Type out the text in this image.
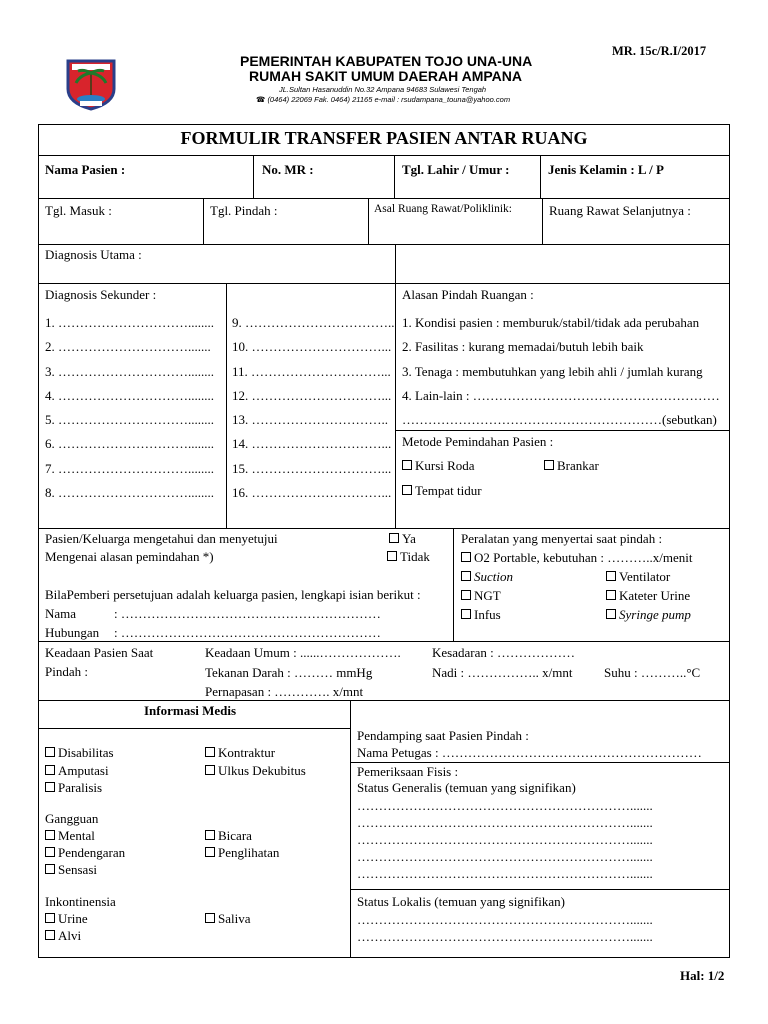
MR. 15c/R.I/2017
PEMERINTAH KABUPATEN TOJO UNA-UNA
RUMAH SAKIT UMUM DAERAH AMPANA
JL.Sultan Hasanuddin No.32 Ampana 94683 Sulawesi Tengah
☎ (0464) 22069 Fak. 0464) 21165 e-mail : rsudampana_touna@yahoo.com
FORMULIR TRANSFER PASIEN ANTAR RUANG
Nama Pasien :	No. MR :	Tgl. Lahir / Umur :	Jenis Kelamin : L / P
Tgl. Masuk :	Tgl. Pindah :	Asal Ruang Rawat/Poliklinik:	Ruang Rawat Selanjutnya :
Diagnosis Utama :
Diagnosis Sekunder :
1. …………………………........
2. ………………………….......
3. …………………………........
4. …………………………........
5. …………………………........
6. …………………………........
7. …………………………........
8. …………………………........
9. ……………………………..
10. …………………………...
11. …………………………...
12. …………………………...
13. …………………………..
14. …………………………...
15. …………………………...
16. …………………………...
Alasan Pindah Ruangan :
1. Kondisi pasien : memburuk/stabil/tidak ada perubahan
2. Fasilitas : kurang memadai/butuh lebih baik
3. Tenaga : membutuhkan yang lebih ahli / jumlah kurang
4. Lain-lain : …………………………………………………
……………………………………………………(sebutkan)
Metode Pemindahan Pasien :
Kursi Roda	Brankar
Tempat tidur
Pasien/Keluarga mengetahui dan menyetujui
Mengenai alasan pemindahan *)
Ya
Tidak
BilaPemberi persetujuan adalah keluarga pasien, lengkapi isian berikut :
Nama	: ……………………………………………………
Hubungan : ……………………………………………………
Peralatan yang menyertai saat pindah :
O2 Portable, kebutuhan : ………..x/menit
Suction	Ventilator
NGT	Kateter Urine
Infus	Syringe pump
Keadaan Pasien Saat
Pindah :
Keadaan Umum : ......………………. Kesadaran : ………………
Tekanan Darah : ……… mmHg	Nadi : …………….. x/mnt Suhu : ………..°C
Pernapasan : …………. x/mnt
Informasi Medis
Disabilitas	Kontraktur
Amputasi	Ulkus Dekubitus
Paralisis
Gangguan
Mental	Bicara
Pendengaran	Penglihatan
Sensasi
Inkontinensia
Urine	Saliva
Alvi
Pendamping saat Pasien Pindah :
Nama Petugas : ……………………………………………………
Pemeriksaan Fisis :
Status Generalis (temuan yang signifikan)
……………………………………………………….......
……………………………………………………….......
……………………………………………………….......
……………………………………………………….......
……………………………………………………….......
Status Lokalis (temuan yang signifikan)
……………………………………………………….......
……………………………………………………….......
Hal: 1/2
